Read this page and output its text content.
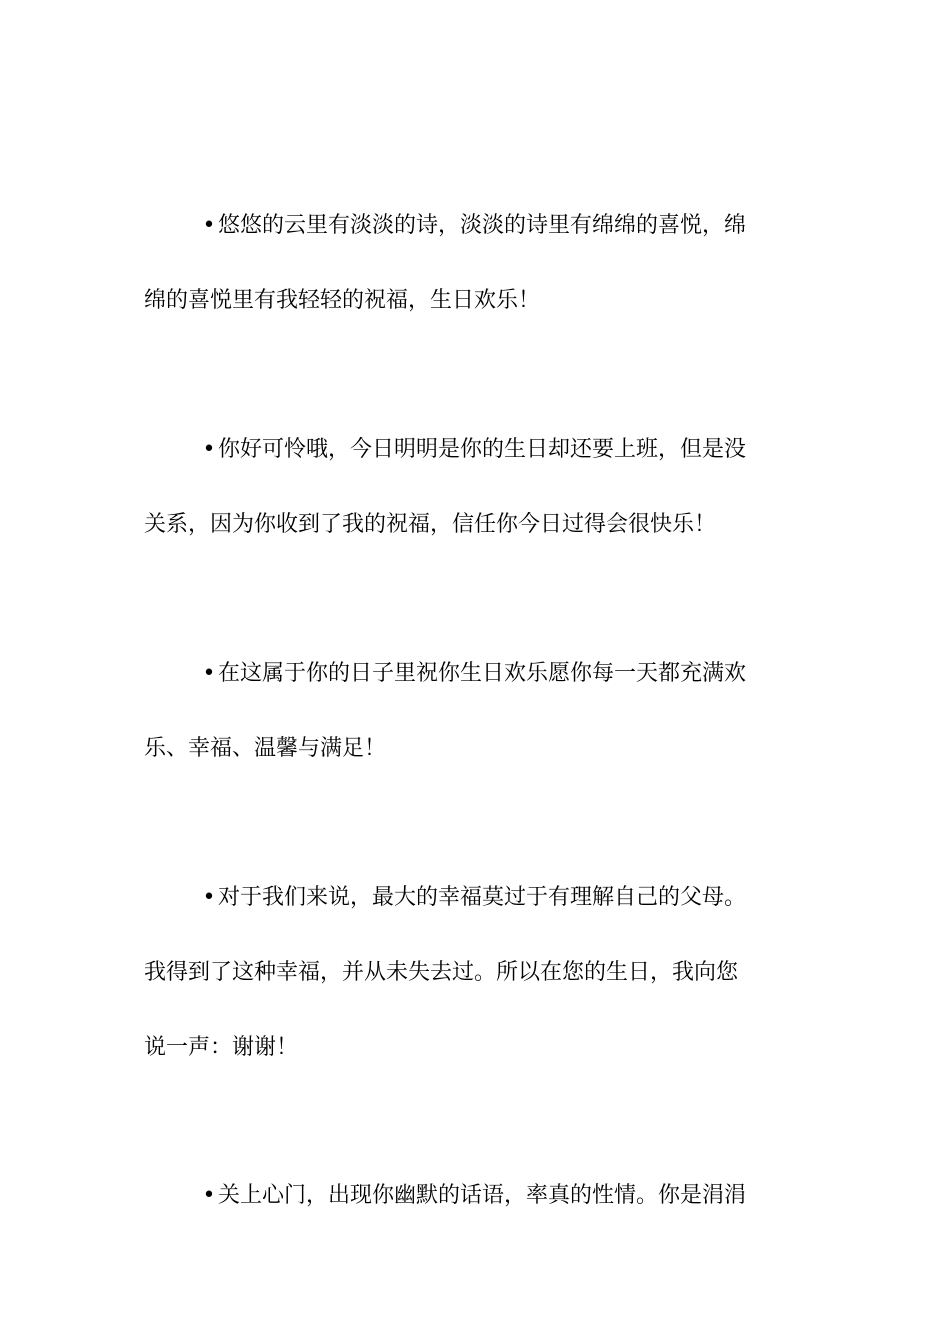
• 悠悠的云里有淡淡的诗，淡淡的诗里有绵绵的喜悦，绵
绵的喜悦里有我轻轻的祝福，生日欢乐！
• 你好可怜哦，今日明明是你的生日却还要上班，但是没
关系，因为你收到了我的祝福，信任你今日过得会很快乐！
• 在这属于你的日子里祝你生日欢乐愿你每一天都充满欢
乐、幸福、温馨与满足！
• 对于我们来说，最大的幸福莫过于有理解自己的父母。
我得到了这种幸福，并从未失去过。所以在您的生日，我向您
说一声：谢谢！
• 关上心门，出现你幽默的话语，率真的性情。你是涓涓
